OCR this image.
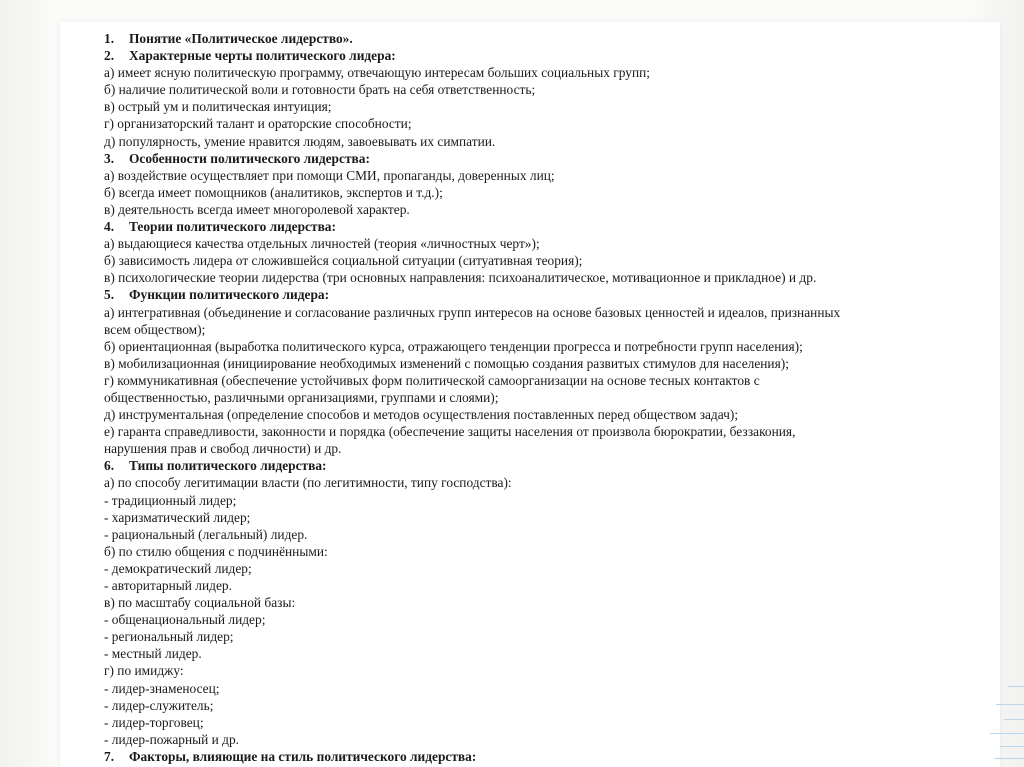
1. Понятие «Политическое лидерство».
2. Характерные черты политического лидера:
а) имеет ясную политическую программу, отвечающую интересам больших социальных групп;
б) наличие политической воли и готовности брать на себя ответственность;
в) острый ум и политическая интуиция;
г) организаторский талант и ораторские способности;
д) популярность, умение нравится людям, завоевывать их симпатии.
3. Особенности политического лидерства:
а) воздействие осуществляет при помощи СМИ, пропаганды, доверенных лиц;
б) всегда имеет помощников (аналитиков, экспертов и т.д.);
в) деятельность всегда имеет многоролевой характер.
4. Теории политического лидерства:
а) выдающиеся качества отдельных личностей (теория «личностных черт»);
б) зависимость лидера от сложившейся социальной ситуации (ситуативная теория);
в) психологические теории лидерства (три основных направления: психоаналитическое, мотивационное и прикладное) и др.
5. Функции политического лидера:
а) интегративная (объединение и согласование различных групп интересов на основе базовых ценностей и идеалов, признанных
всем обществом);
б) ориентационная (выработка политического курса, отражающего тенденции прогресса и потребности групп населения);
в) мобилизационная (инициирование необходимых изменений с помощью создания развитых стимулов для населения);
г) коммуникативная (обеспечение устойчивых форм политической самоорганизации на основе тесных контактов с
общественностью, различными организациями, группами и слоями);
д) инструментальная (определение способов и методов осуществления поставленных перед обществом задач);
е) гаранта справедливости, законности и порядка (обеспечение защиты населения от произвола бюрократии, беззакония,
нарушения прав и свобод личности) и др.
6. Типы политического лидерства:
а) по способу легитимации власти (по легитимности, типу господства):
- традиционный лидер;
- харизматический лидер;
- рациональный (легальный) лидер.
б) по стилю общения с подчинёнными:
- демократический лидер;
- авторитарный лидер.
в) по масштабу социальной базы:
- общенациональный лидер;
- региональный лидер;
- местный лидер.
г) по имиджу:
- лидер-знаменосец;
- лидер-служитель;
- лидер-торговец;
- лидер-пожарный и др.
7. Факторы, влияющие на стиль политического лидерства:
